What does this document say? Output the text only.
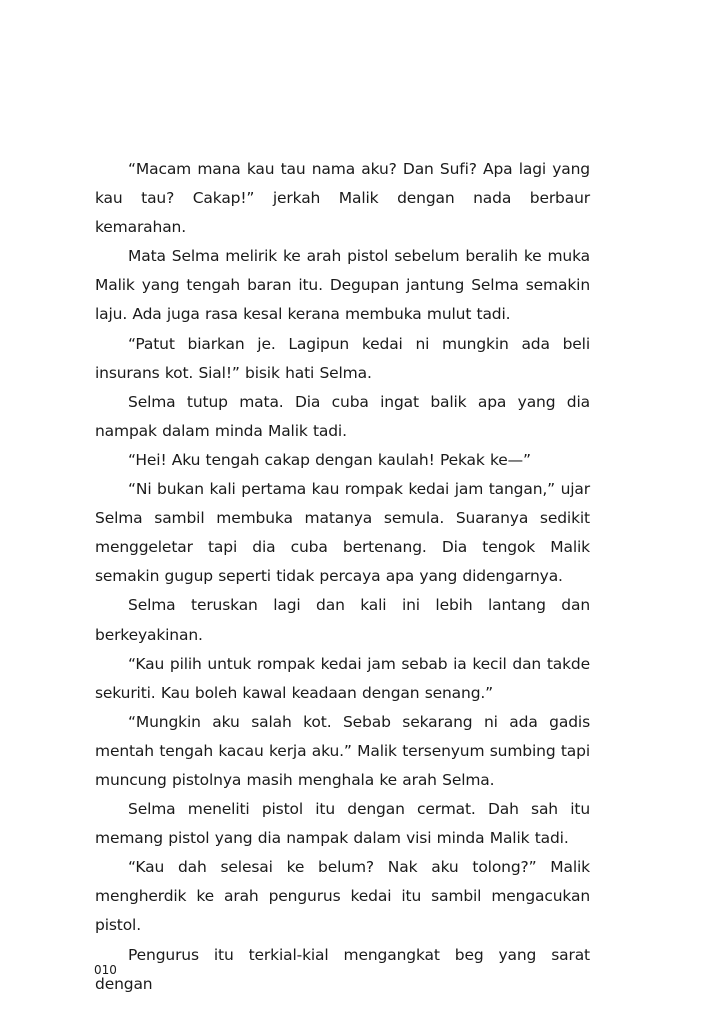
“Macam mana kau tau nama aku? Dan Sufi? Apa lagi yang kau tau? Cakap!” jerkah Malik dengan nada berbaur kemarahan.

Mata Selma melirik ke arah pistol sebelum beralih ke muka Malik yang tengah baran itu. Degupan jantung Selma semakin laju. Ada juga rasa kesal kerana membuka mulut tadi.

“Patut biarkan je. Lagipun kedai ni mungkin ada beli insurans kot. Sial!” bisik hati Selma.

Selma tutup mata. Dia cuba ingat balik apa yang dia nampak dalam minda Malik tadi.

“Hei! Aku tengah cakap dengan kaulah! Pekak ke—”

“Ni bukan kali pertama kau rompak kedai jam tangan,” ujar Selma sambil membuka matanya semula. Suaranya sedikit menggeletar tapi dia cuba bertenang. Dia tengok Malik semakin gugup seperti tidak percaya apa yang didengarnya.

Selma teruskan lagi dan kali ini lebih lantang dan berkeyakinan.

“Kau pilih untuk rompak kedai jam sebab ia kecil dan takde sekuriti. Kau boleh kawal keadaan dengan senang.”

“Mungkin aku salah kot. Sebab sekarang ni ada gadis mentah tengah kacau kerja aku.” Malik tersenyum sumbing tapi muncung pistolnya masih menghala ke arah Selma.

Selma meneliti pistol itu dengan cermat. Dah sah itu memang pistol yang dia nampak dalam visi minda Malik tadi.

“Kau dah selesai ke belum? Nak aku tolong?” Malik mengherdik ke arah pengurus kedai itu sambil mengacukan pistol.

Pengurus itu terkial-kial mengangkat beg yang sarat dengan

010
